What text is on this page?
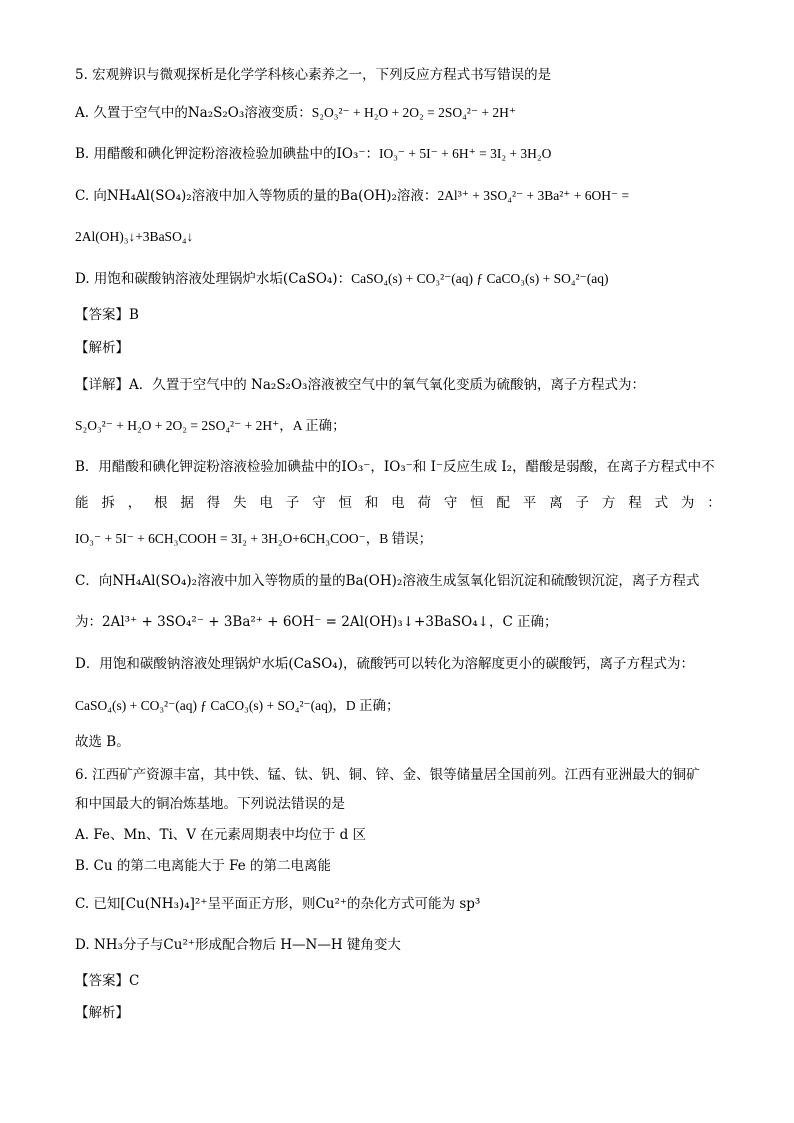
5. 宏观辨识与微观探析是化学学科核心素养之一，下列反应方程式书写错误的是
A. 久置于空气中的Na₂S₂O₃溶液变质：S₂O₃²⁻ + H₂O + 2O₂ = 2SO₄²⁻ + 2H⁺
B. 用醋酸和碘化钾淀粉溶液检验加碘盐中的IO₃⁻：IO₃⁻ + 5I⁻ + 6H⁺ = 3I₂ + 3H₂O
C. 向NH₄Al(SO₄)₂溶液中加入等物质的量的Ba(OH)₂溶液：2Al³⁺ + 3SO₄²⁻ + 3Ba²⁺ + 6OH⁻ =
2Al(OH)₃↓+3BaSO₄↓
D. 用饱和碳酸钠溶液处理锅炉水垢(CaSO₄)：CaSO₄(s) + CO₃²⁻(aq) ƒ CaCO₃(s) + SO₄²⁻(aq)
【答案】B
【解析】
【详解】A．久置于空气中的 Na₂S₂O₃溶液被空气中的氧气氧化变质为硫酸钠，离子方程式为：
S₂O₃²⁻ + H₂O + 2O₂ = 2SO₄²⁻ + 2H⁺，A 正确；
B．用醋酸和碘化钾淀粉溶液检验加碘盐中的IO₃⁻，IO₃⁻和 I⁻反应生成 I₂，醋酸是弱酸，在离子方程式中不
能 拆 ， 根 据 得 失 电 子 守 恒 和 电 荷 守 恒 配 平 离 子 方 程 式 为 ：
IO₃⁻ + 5I⁻ + 6CH₃COOH = 3I₂ + 3H₂O+6CH₃COO⁻，B 错误；
C．向NH₄Al(SO₄)₂溶液中加入等物质的量的Ba(OH)₂溶液生成氢氧化铝沉淀和硫酸钡沉淀，离子方程式
为：2Al³⁺ + 3SO₄²⁻ + 3Ba²⁺ + 6OH⁻ = 2Al(OH)₃↓+3BaSO₄↓，C 正确；
D．用饱和碳酸钠溶液处理锅炉水垢(CaSO₄)，硫酸钙可以转化为溶解度更小的碳酸钙，离子方程式为：
CaSO₄(s) + CO₃²⁻(aq) ƒ CaCO₃(s) + SO₄²⁻(aq)，D 正确；
故选 B。
6. 江西矿产资源丰富，其中铁、锰、钛、钒、铜、锌、金、银等储量居全国前列。江西有亚洲最大的铜矿
和中国最大的铜冶炼基地。下列说法错误的是
A. Fe、Mn、Ti、V 在元素周期表中均位于 d 区
B. Cu 的第二电离能大于 Fe 的第二电离能
C. 已知[Cu(NH₃)₄]²⁺呈平面正方形，则Cu²⁺的杂化方式可能为 sp³
D. NH₃分子与Cu²⁺形成配合物后 H—N—H 键角变大
【答案】C
【解析】
